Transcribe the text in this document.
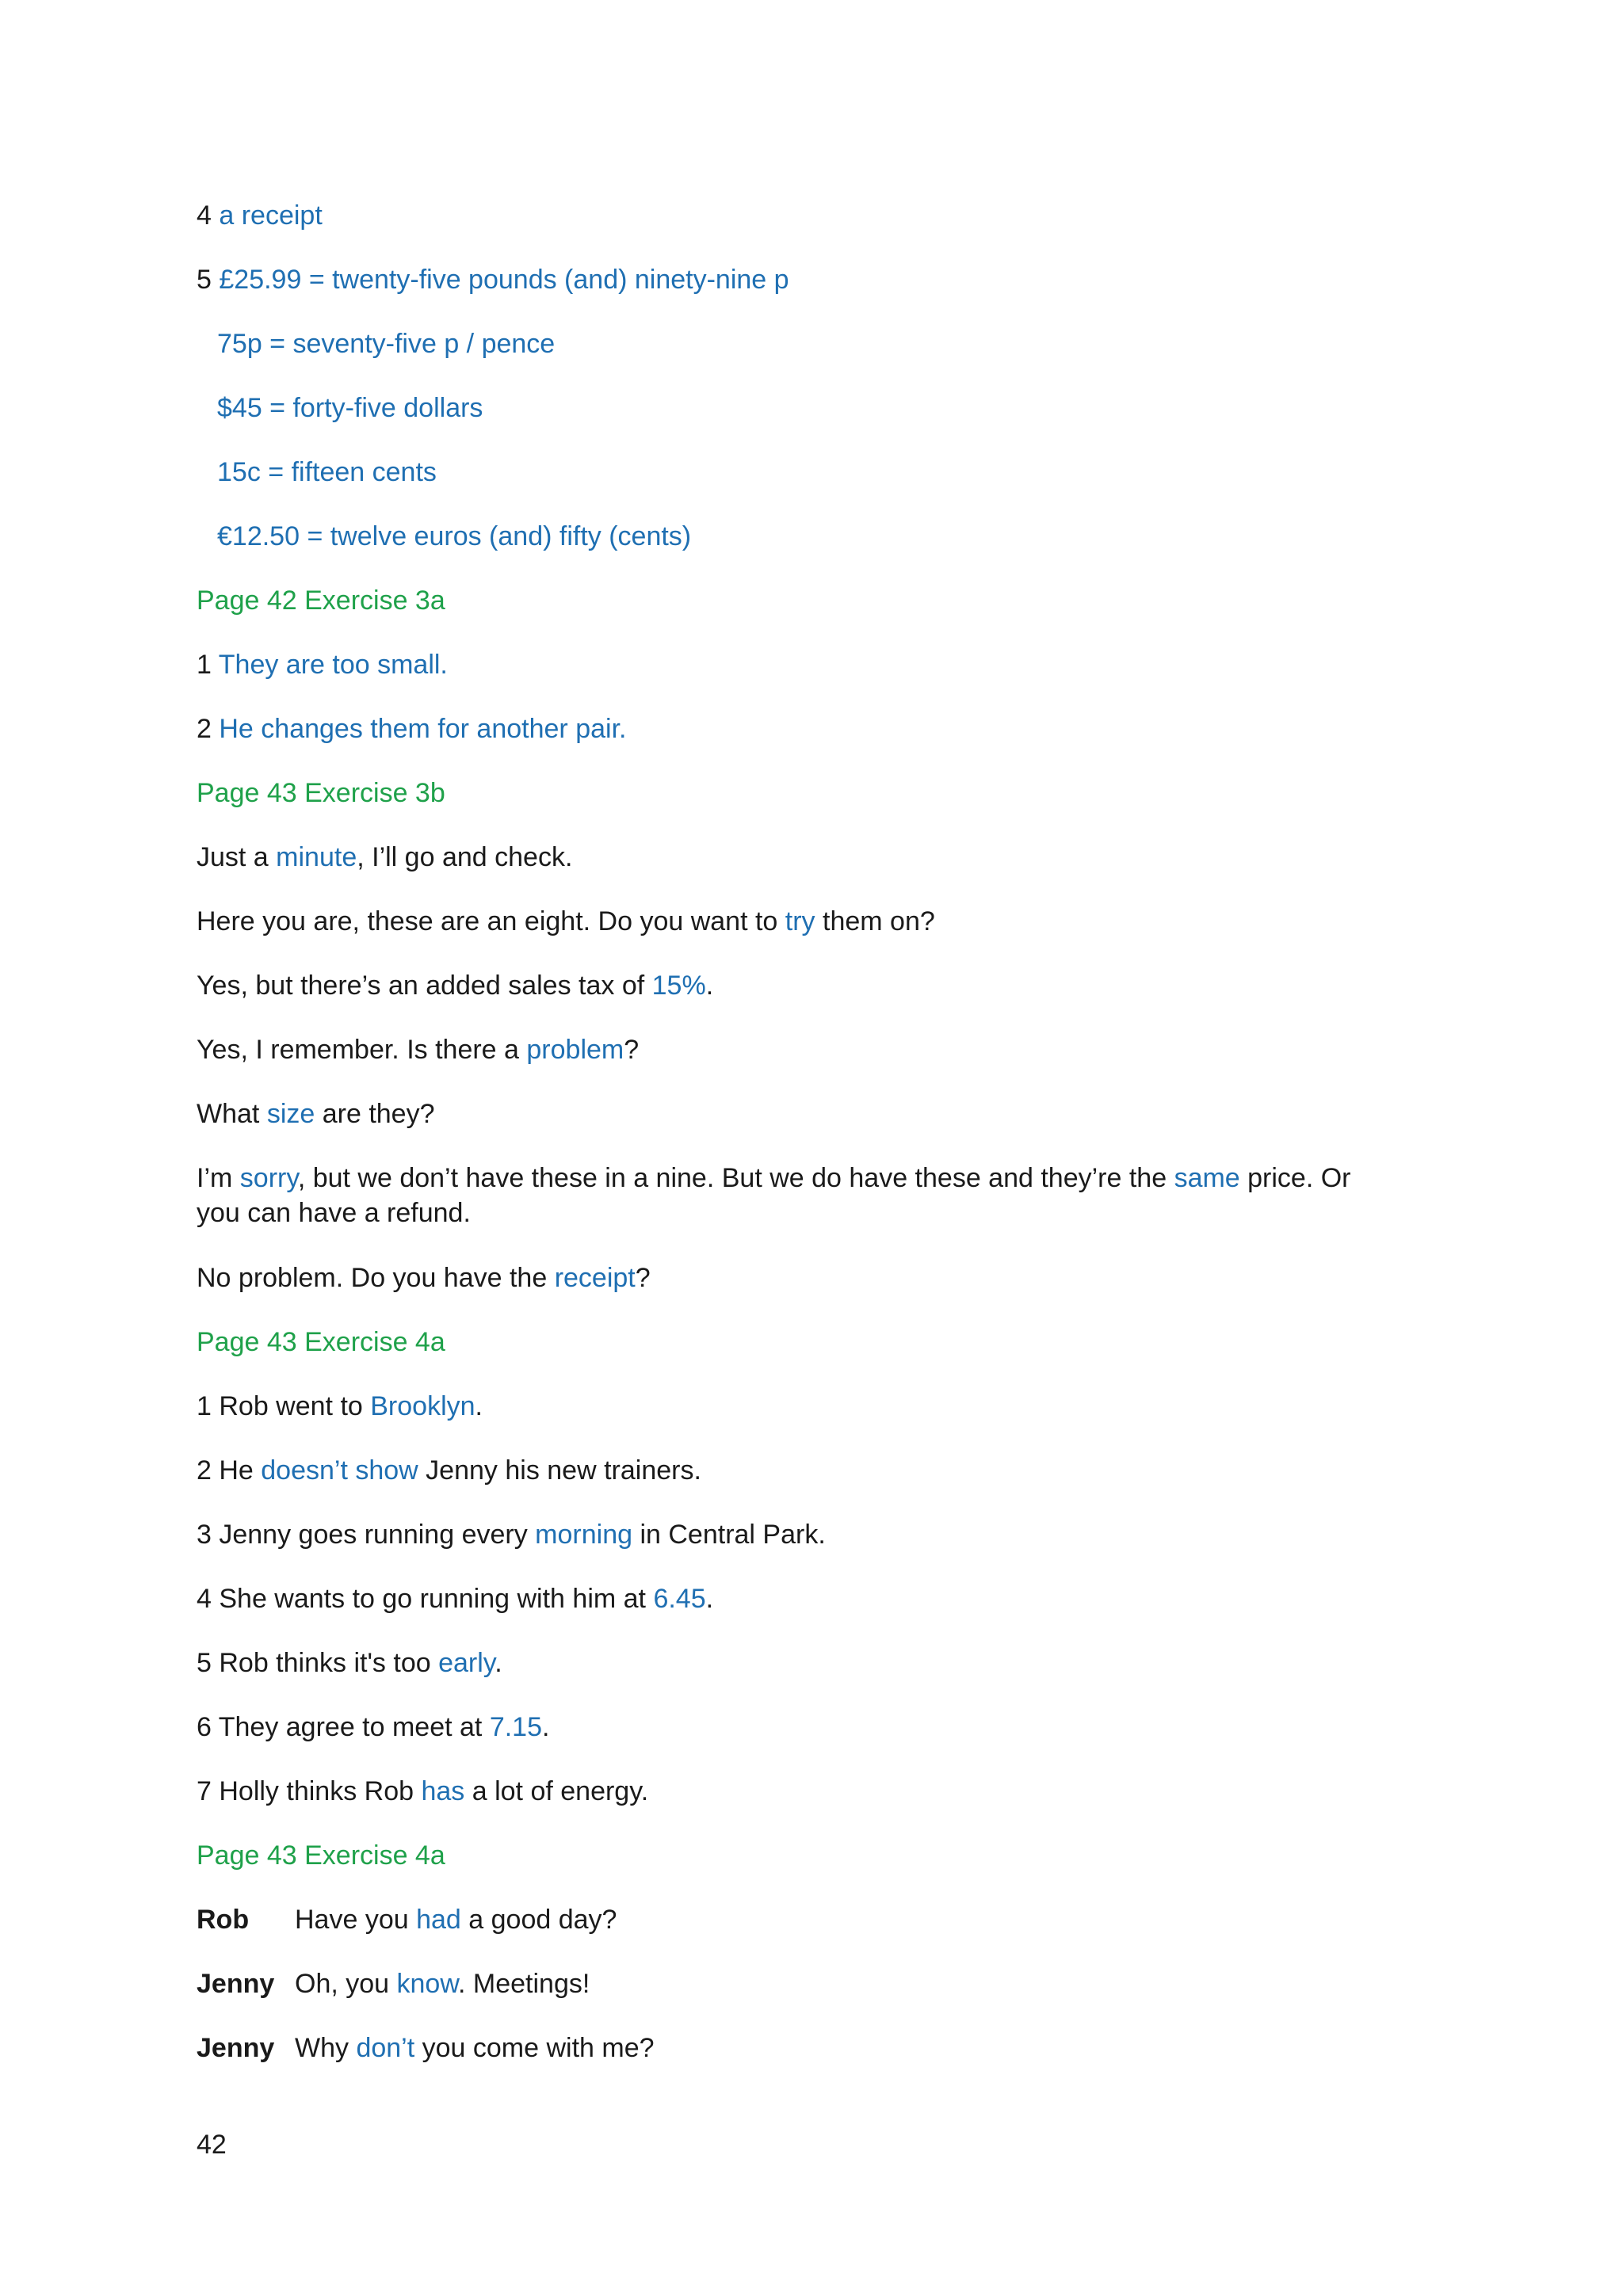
4 a receipt
5 £25.99 = twenty-five pounds (and) ninety-nine p
75p = seventy-five p / pence
$45 = forty-five dollars
15c = fifteen cents
€12.50 = twelve euros (and) fifty (cents)
Page 42 Exercise 3a
1 They are too small.
2 He changes them for another pair.
Page 43 Exercise 3b
Just a minute, I’ll go and check.
Here you are, these are an eight. Do you want to try them on?
Yes, but there’s an added sales tax of 15%.
Yes, I remember. Is there a problem?
What size are they?
I’m sorry, but we don’t have these in a nine. But we do have these and they’re the same price. Or you can have a refund.
No problem. Do you have the receipt?
Page 43 Exercise 4a
1 Rob went to Brooklyn.
2 He doesn’t show Jenny his new trainers.
3 Jenny goes running every morning in Central Park.
4 She wants to go running with him at 6.45.
5 Rob thinks it's too early.
6 They agree to meet at 7.15.
7 Holly thinks Rob has a lot of energy.
Page 43 Exercise 4a
Rob Have you had a good day?
Jenny Oh, you know. Meetings!
Jenny Why don’t you come with me?
42
